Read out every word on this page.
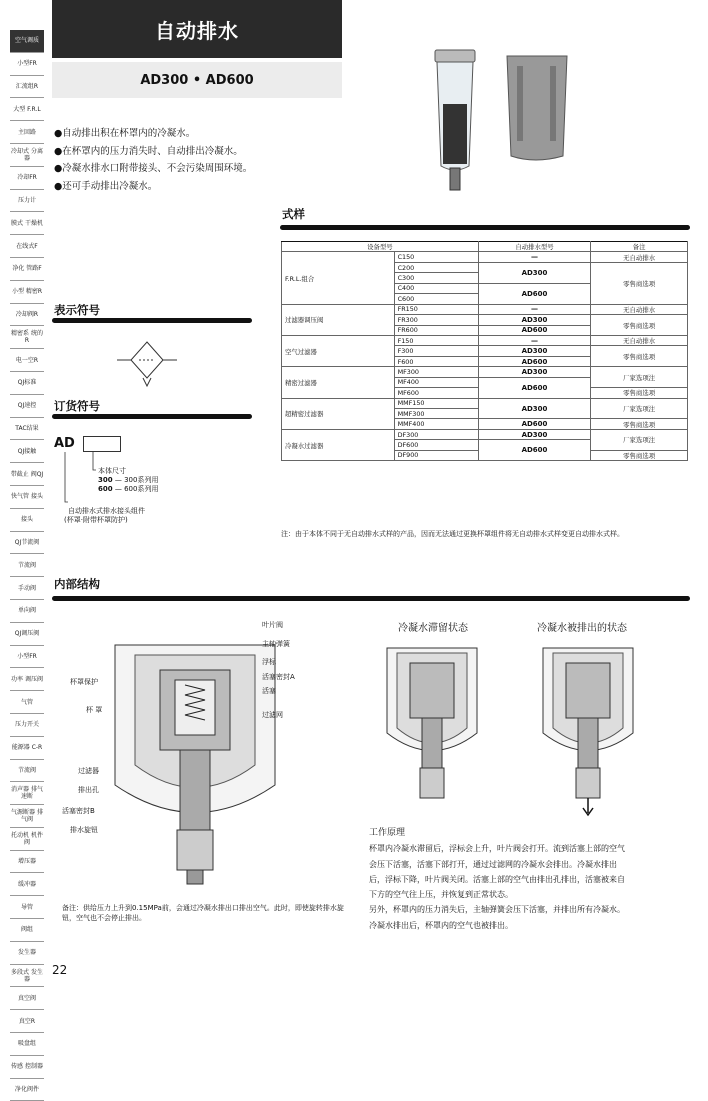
空气调质
小型FR
汇流组R
大型 F.R.L
主回路
冷却式 分离器
冷却FR
压力计
膜式 干燥机
在线式F
净化 管路F
小型 精密R
冷却阀R
精密系 统的R
电一空R
QJ标准
QJ速控
TAC结果
QJ接触
带截止 阀QJ
快气管 接头
接头
QJ节流阀
节流阀
手动阀
单向阀
QJ调压阀
小型FR
功率 调压阀
气管
压力开关
能源器 C-R
节流阀
消声器 排气速断
气源断器 排气阀
托动机 机件阀
增压器
缓冲器
导管
阀组
发生器
多段式 发生器
真空阀
真空R
吸盘组
传感 控制器
净化阀件
自动排水
AD300 • AD600
●自动排出积在杯罩内的冷凝水。
●在杯罩内的压力消失时、自动排出冷凝水。
●冷凝水排水口附带接头、不会污染周围环境。
●还可手动排出冷凝水。
式样
设备型号		自动排水型号	备注
F.R.L.组合	C150	—	无自动排水
	C200	AD300	零售商选项
	C300		
	C400	AD600	
	C600		
过滤器调压阀	FR150	—	无自动排水
	FR300	AD300	零售商选项
	FR600	AD600	
空气过滤器	F150	—	无自动排水
	F300	AD300	零售商选项
	F600	AD600	
精密过滤器	MF300	AD300	厂家选项注
	MF400	AD600	
	MF600		零售商选项
超精密过滤器	MMF150	AD300	厂家选项注
	MMF300		
	MMF400	AD600	零售商选项
冷凝水过滤器	DF300	AD300	厂家选项注
	DF600	AD600	
	DF900		零售商选项
注：由于本体不同于无自动排水式样的产品，因而无法通过更换杯罩组件将无自动排水式样变更自动排水式样。
表示符号
订货符号
AD
本体尺寸
300 — 300系列用
600 — 600系列用
自动排水式排水接头组件
(杯罩·附带杯罩防护)
内部结构
叶片阀
主轴弹簧
浮标
活塞密封A
活塞
过滤网
杯罩保护
杯 罩
过滤器
排出孔
活塞密封B
排水旋钮
冷凝水滞留状态	冷凝水被排出的状态
工作原理
杯罩内冷凝水滞留后，浮标会上升，叶片阀会打开。流到活塞上部的空气
会压下活塞，活塞下部打开，通过过滤网的冷凝水会排出。冷凝水排出
后，浮标下降，叶片阀关闭。活塞上部的空气由排出孔排出，活塞被来自
下方的空气往上压，并恢复到正常状态。
另外，杯罩内的压力消失后，主轴弹簧会压下活塞，并排出所有冷凝水。
冷凝水排出后，杯罩内的空气也被排出。
备注：供给压力上升到0.15MPa前，会通过冷凝水排出口排出空气。此时，即使旋转排水旋钮，空气也不会停止排出。
22
